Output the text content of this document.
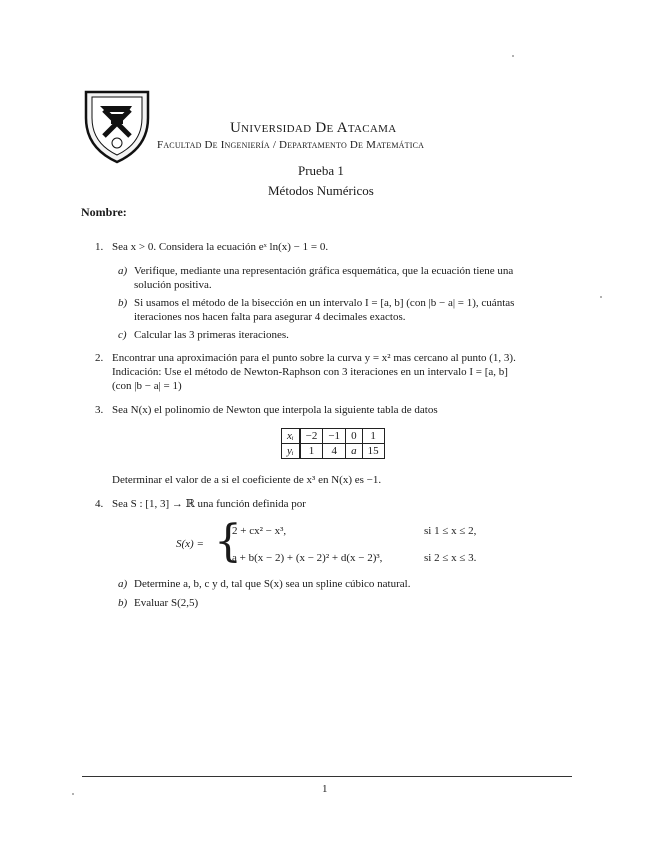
Universidad De Atacama
Facultad De Ingeniería / Departamento De Matemática
Prueba 1
Métodos Numéricos
Nombre:
1. Sea x > 0. Considera la ecuación eˣ ln(x) − 1 = 0.
a) Verifique, mediante una representación gráfica esquemática, que la ecuación tiene una
solución positiva.
b) Si usamos el método de la bisección en un intervalo I = [a, b] (con |b − a| = 1), cuántas
iteraciones nos hacen falta para asegurar 4 decimales exactos.
c) Calcular las 3 primeras iteraciones.
2. Encontrar una aproximación para el punto sobre la curva y = x² mas cercano al punto (1, 3).
Indicación: Use el método de Newton-Raphson con 3 iteraciones en un intervalo I = [a, b]
(con |b − a| = 1)
3. Sea N(x) el polinomio de Newton que interpola la siguiente tabla de datos
xᵢ	−2	−1	0	1
yᵢ	1	4	a	15
Determinar el valor de a si el coeficiente de x³ en N(x) es −1.
4. Sea S : [1, 3] → ℝ una función definida por
S(x) = {
2 + cx² − x³,	si 1 ≤ x ≤ 2,
a + b(x − 2) + (x − 2)² + d(x − 2)³,	si 2 ≤ x ≤ 3.
a) Determine a, b, c y d, tal que S(x) sea un spline cúbico natural.
b) Evaluar S(2,5)
1
